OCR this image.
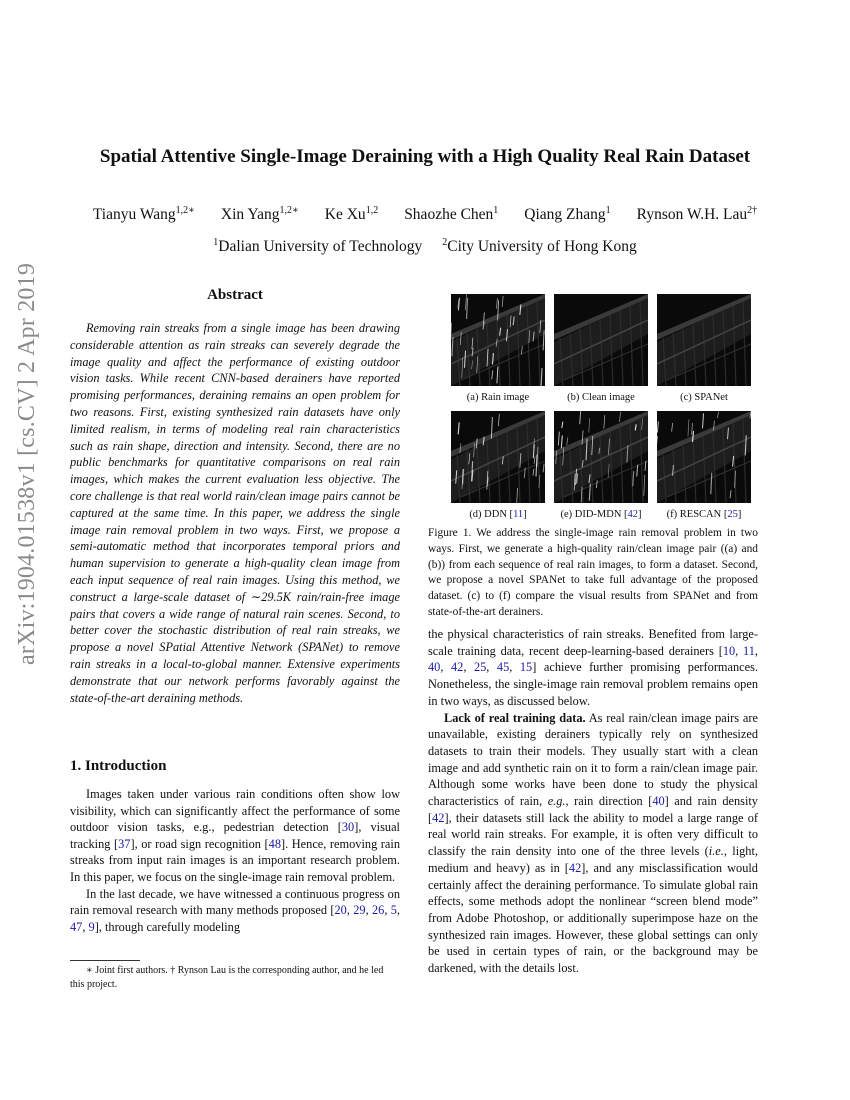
arXiv:1904.01538v1 [cs.CV] 2 Apr 2019
Spatial Attentive Single-Image Deraining with a High Quality Real Rain Dataset
Tianyu Wang$^{1,2∗}$ Xin Yang$^{1,2∗}$ Ke Xu$^{1,2}$ Shaozhe Chen$^1$ Qiang Zhang$^1$ Rynson W.H. Lau$^{2\dagger}$
$^1$Dalian University of Technology $^2$City University of Hong Kong
Abstract

Removing rain streaks from a single image has been drawing considerable attention as rain streaks can severely degrade the image quality and affect the performance of existing outdoor vision tasks. While recent CNN-based derainers have reported promising performances, deraining remains an open problem for two reasons. First, existing synthesized rain datasets have only limited realism, in terms of modeling real rain characteristics such as rain shape, direction and intensity. Second, there are no public benchmarks for quantitative comparisons on real rain images, which makes the current evaluation less objective. The core challenge is that real world rain/clean image pairs cannot be captured at the same time. In this paper, we address the single image rain removal problem in two ways. First, we propose a semi-automatic method that incorporates temporal priors and human supervision to generate a high-quality clean image from each input sequence of real rain images. Using this method, we construct a large-scale dataset of ∼29.5K rain/rain-free image pairs that covers a wide range of natural rain scenes. Second, to better cover the stochastic distribution of real rain streaks, we propose a novel SPatial Attentive Network (SPANet) to remove rain streaks in a local-to-global manner. Extensive experiments demonstrate that our network performs favorably against the state-of-the-art deraining methods.

1. Introduction

Images taken under various rain conditions often show low visibility, which can significantly affect the performance of some outdoor vision tasks, e.g., pedestrian detection [30], visual tracking [37], or road sign recognition [48]. Hence, removing rain streaks from input rain images is an important research problem. In this paper, we focus on the single-image rain removal problem.

In the last decade, we have witnessed a continuous progress on rain removal research with many methods proposed [20, 29, 26, 5, 47, 9], through carefully modeling

∗ Joint first authors. † Rynson Lau is the corresponding author, and he led this project.
(a) Rain image	(b) Clean image	(c) SPANet
(d) DDN [11]	(e) DID-MDN [42] (f) RESCAN [25]
Figure 1. We address the single-image rain removal problem in two ways. First, we generate a high-quality rain/clean image pair ((a) and (b)) from each sequence of real rain images, to form a dataset. Second, we propose a novel SPANet to take full advantage of the proposed dataset. (c) to (f) compare the visual results from SPANet and from state-of-the-art derainers.

the physical characteristics of rain streaks. Benefited from large-scale training data, recent deep-learning-based derainers [10, 11, 40, 42, 25, 45, 15] achieve further promising performances. Nonetheless, the single-image rain removal problem remains open in two ways, as discussed below.

Lack of real training data. As real rain/clean image pairs are unavailable, existing derainers typically rely on synthesized datasets to train their models. They usually start with a clean image and add synthetic rain on it to form a rain/clean image pair. Although some works have been done to study the physical characteristics of rain, e.g., rain direction [40] and rain density [42], their datasets still lack the ability to model a large range of real world rain streaks. For example, it is often very difficult to classify the rain density into one of the three levels (i.e., light, medium and heavy) as in [42], and any misclassification would certainly affect the deraining performance. To simulate global rain effects, some methods adopt the nonlinear “screen blend mode” from Adobe Photoshop, or additionally superimpose haze on the synthesized rain images. However, these global settings can only be used in certain types of rain, or the background may be darkened, with the details lost.
